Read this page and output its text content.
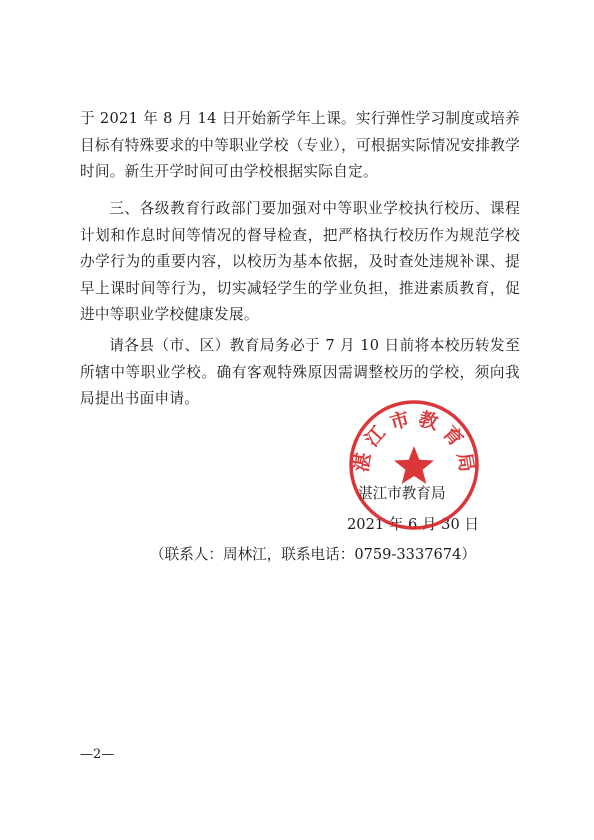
于 2021 年 8 月 14 日开始新学年上课。实行弹性学习制度或培养目标有特殊要求的中等职业学校（专业），可根据实际情况安排教学时间。新生开学时间可由学校根据实际自定。

三、各级教育行政部门要加强对中等职业学校执行校历、课程计划和作息时间等情况的督导检查，把严格执行校历作为规范学校办学行为的重要内容，以校历为基本依据，及时查处违规补课、提早上课时间等行为，切实减轻学生的学业负担，推进素质教育，促进中等职业学校健康发展。

请各县（市、区）教育局务必于 7 月 10 日前将本校历转发至所辖中等职业学校。确有客观特殊原因需调整校历的学校，须向我局提出书面申请。

湛江市教育局
2021 年 6 月 30 日
湛 江 市 教 育 局
（联系人：周林江，联系电话：0759-3337674）
—2—
